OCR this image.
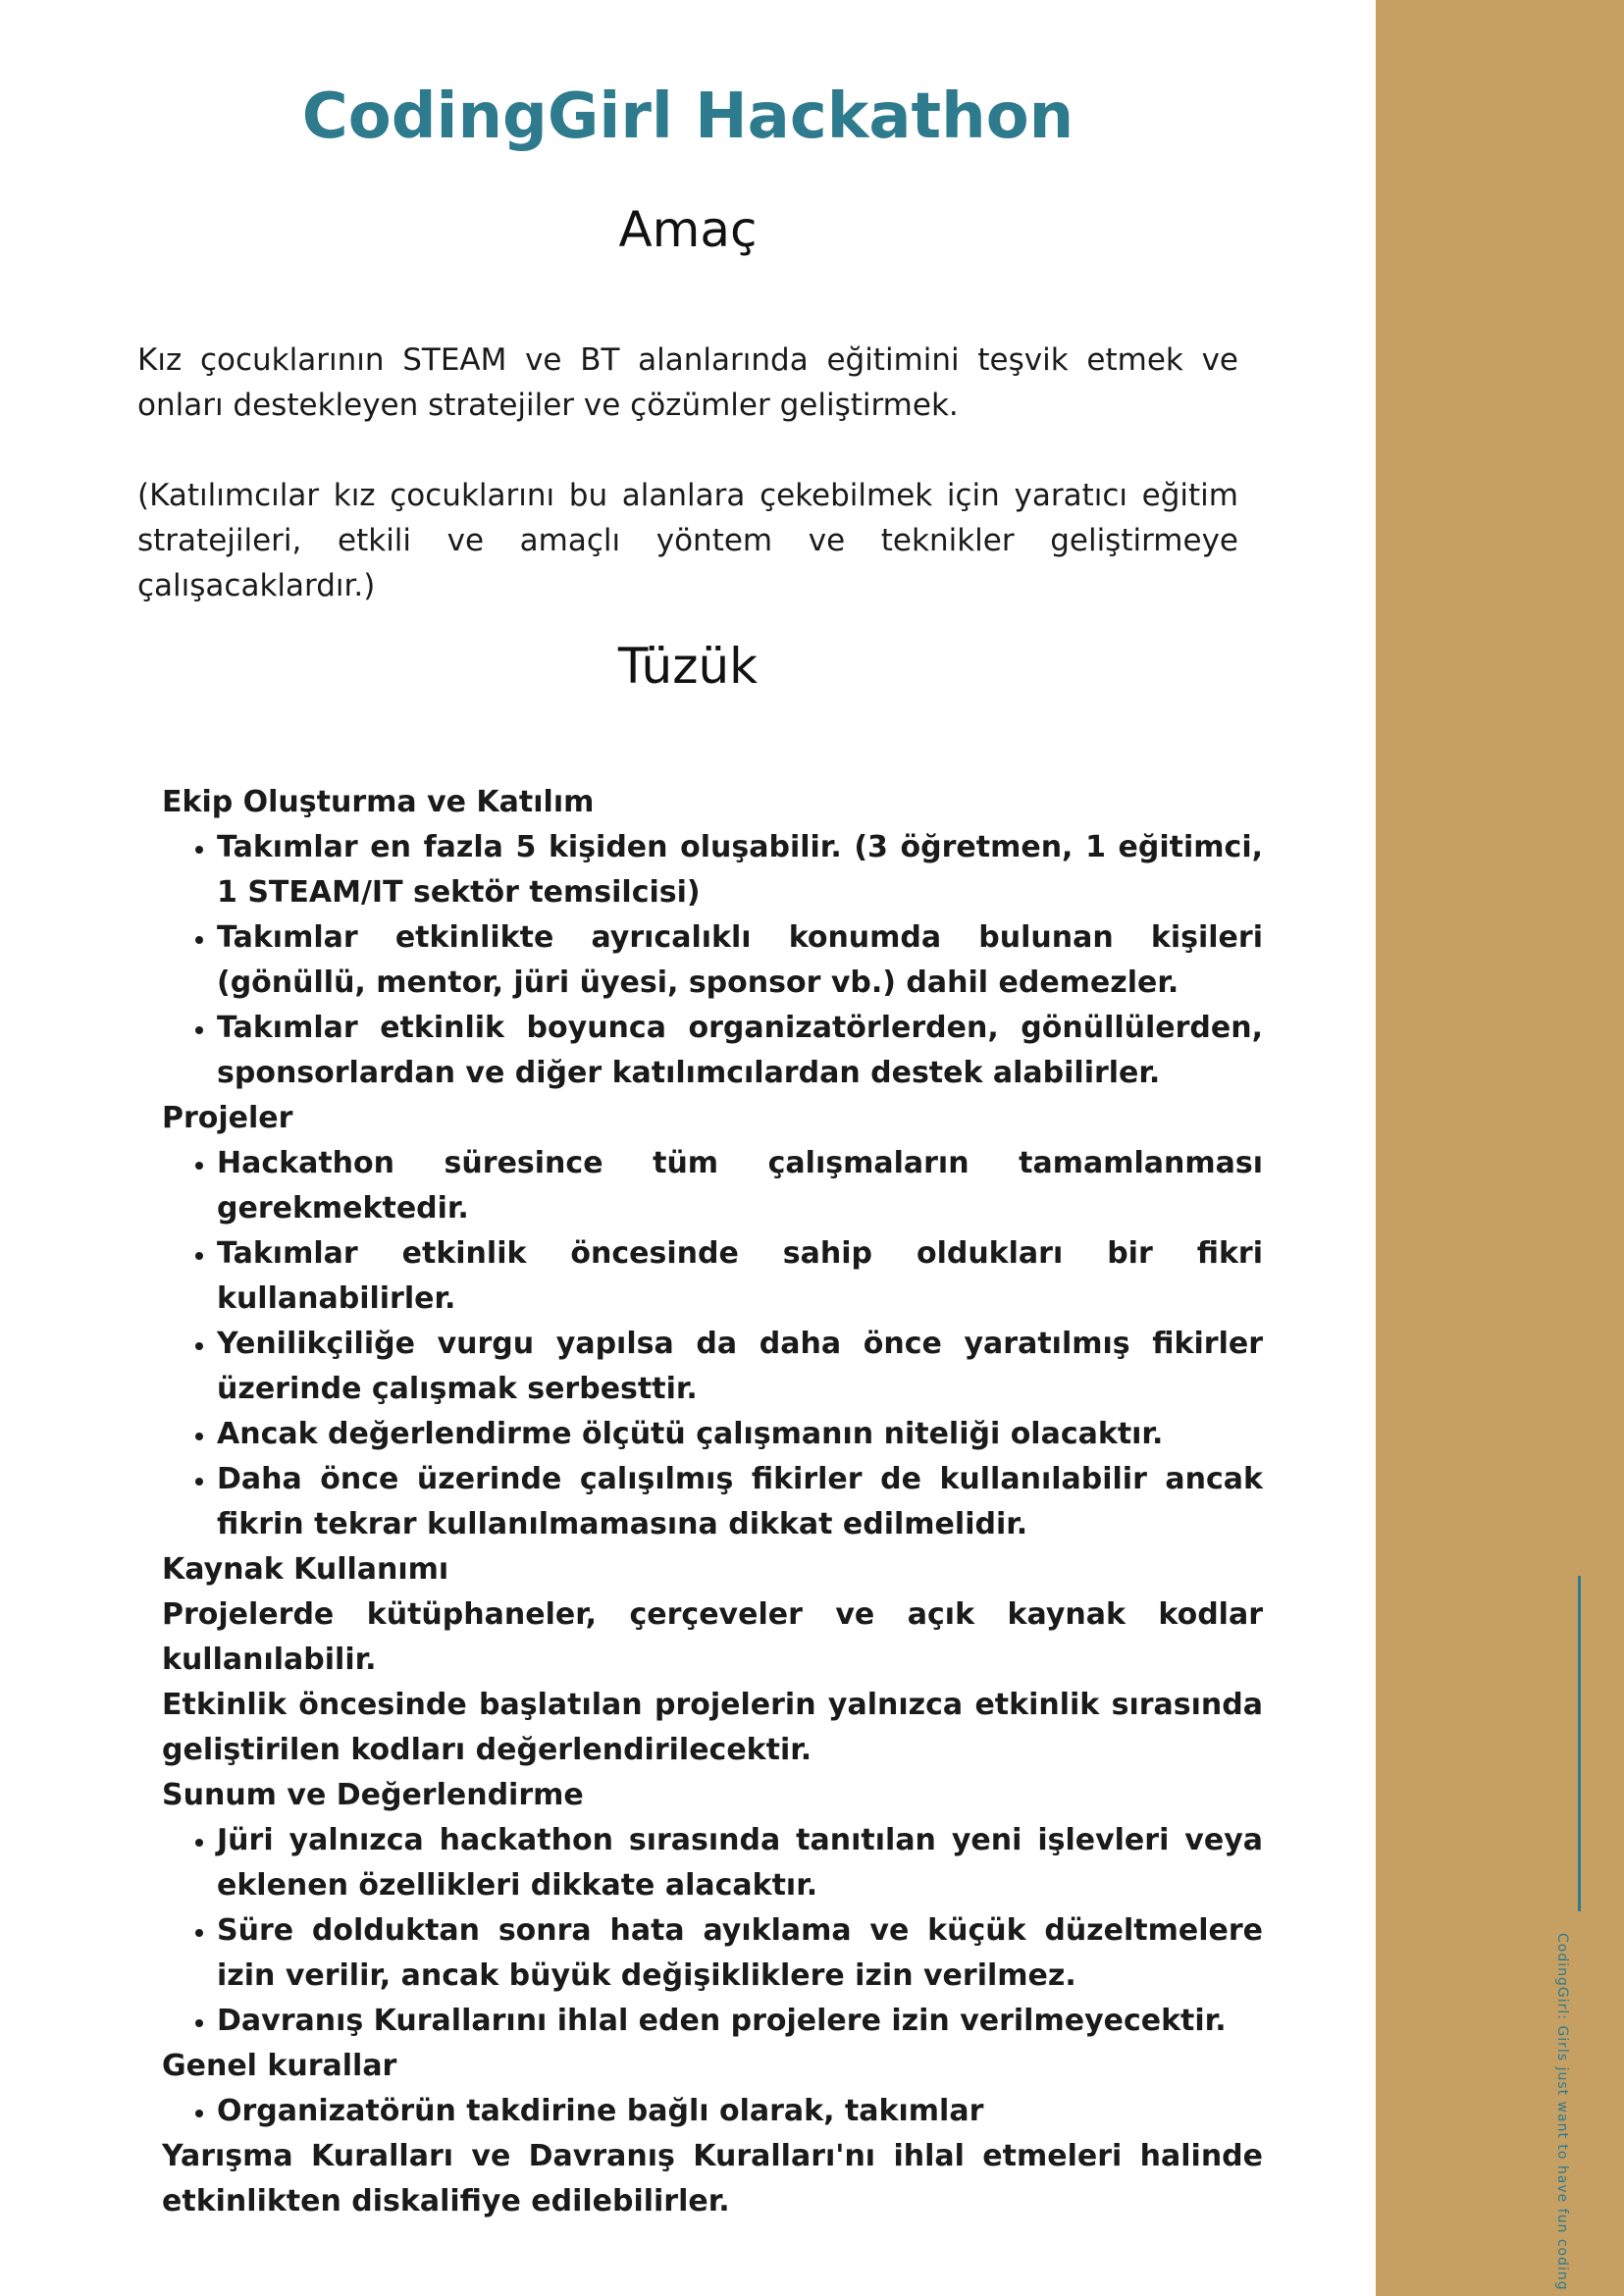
CodingGirl: Girls just want to have fun coding
CodingGirl Hackathon
Amaç

Kız çocuklarının STEAM ve BT alanlarında eğitimini teşvik etmek ve onları destekleyen stratejiler ve çözümler geliştirmek.

(Katılımcılar kız çocuklarını bu alanlara çekebilmek için yaratıcı eğitim stratejileri, etkili ve amaçlı yöntem ve teknikler geliştirmeye çalışacaklardır.)

Tüzük

Ekip Oluşturma ve Katılım

• Takımlar en fazla 5 kişiden oluşabilir. (3 öğretmen, 1 eğitimci, 1 STEAM/IT sektör temsilcisi)
• Takımlar etkinlikte ayrıcalıklı konumda bulunan kişileri (gönüllü, mentor, jüri üyesi, sponsor vb.) dahil edemezler.
• Takımlar etkinlik boyunca organizatörlerden, gönüllülerden, sponsorlardan ve diğer katılımcılardan destek alabilirler.

Projeler

• Hackathon süresince tüm çalışmaların tamamlanması gerekmektedir.
• Takımlar etkinlik öncesinde sahip oldukları bir fikri kullanabilirler.
• Yenilikçiliğe vurgu yapılsa da daha önce yaratılmış fikirler üzerinde çalışmak serbesttir.
• Ancak değerlendirme ölçütü çalışmanın niteliği olacaktır.
• Daha önce üzerinde çalışılmış fikirler de kullanılabilir ancak fikrin tekrar kullanılmamasına dikkat edilmelidir.

Kaynak Kullanımı

Projelerde kütüphaneler, çerçeveler ve açık kaynak kodlar kullanılabilir.

Etkinlik öncesinde başlatılan projelerin yalnızca etkinlik sırasında geliştirilen kodları değerlendirilecektir.

Sunum ve Değerlendirme

• Jüri yalnızca hackathon sırasında tanıtılan yeni işlevleri veya eklenen özellikleri dikkate alacaktır.
• Süre dolduktan sonra hata ayıklama ve küçük düzeltmelere izin verilir, ancak büyük değişikliklere izin verilmez.
• Davranış Kurallarını ihlal eden projelere izin verilmeyecektir.

Genel kurallar

• Organizatörün takdirine bağlı olarak, takımlar

Yarışma Kuralları ve Davranış Kuralları'nı ihlal etmeleri halinde etkinlikten diskalifiye edilebilirler.
